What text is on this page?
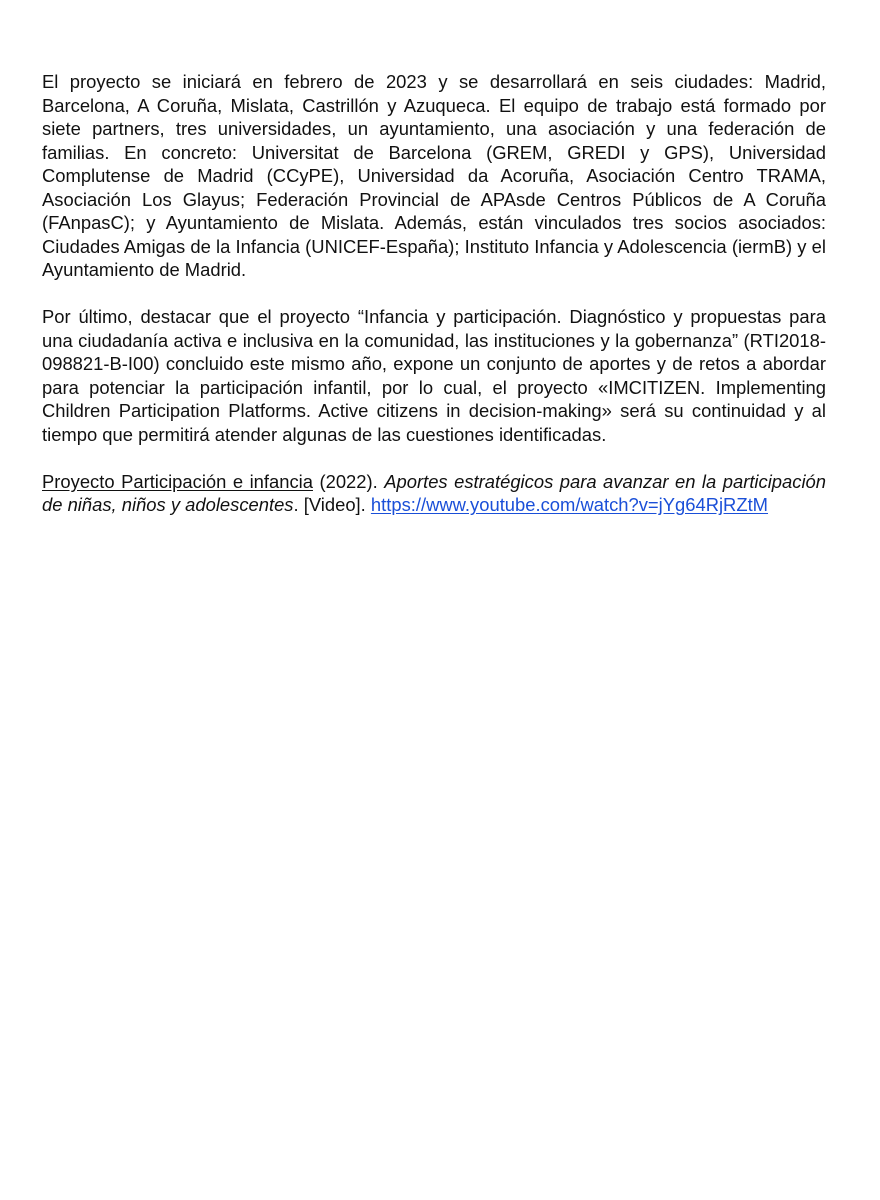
El proyecto se iniciará en febrero de 2023 y se desarrollará en seis ciudades: Madrid, Barcelona, A Coruña, Mislata, Castrillón y Azuqueca. El equipo de trabajo está formado por siete partners, tres universidades, un ayuntamiento, una asociación y una federación de familias. En concreto: Universitat de Barcelona (GREM, GREDI y GPS), Universidad Complutense de Madrid (CCyPE), Universidad da Acoruña, Asociación Centro TRAMA, Asociación Los Glayus; Federación Provincial de APAsde Centros Públicos de A Coruña (FAnpasC); y Ayuntamiento de Mislata. Además, están vinculados tres socios asociados: Ciudades Amigas de la Infancia (UNICEF-España); Instituto Infancia y Adolescencia (iermB) y el Ayuntamiento de Madrid.

Por último, destacar que el proyecto “Infancia y participación. Diagnóstico y propuestas para una ciudadanía activa e inclusiva en la comunidad, las instituciones y la gobernanza” (RTI2018-098821-B-I00) concluido este mismo año, expone un conjunto de aportes y de retos a abordar para potenciar la participación infantil, por lo cual, el proyecto «IMCITIZEN. Implementing Children Participation Platforms. Active citizens in decision-making» será su continuidad y al tiempo que permitirá atender algunas de las cuestiones identificadas.

Proyecto Participación e infancia (2022). Aportes estratégicos para avanzar en la participación de niñas, niños y adolescentes. [Video]. https://www.youtube.com/watch?v=jYg64RjRZtM
